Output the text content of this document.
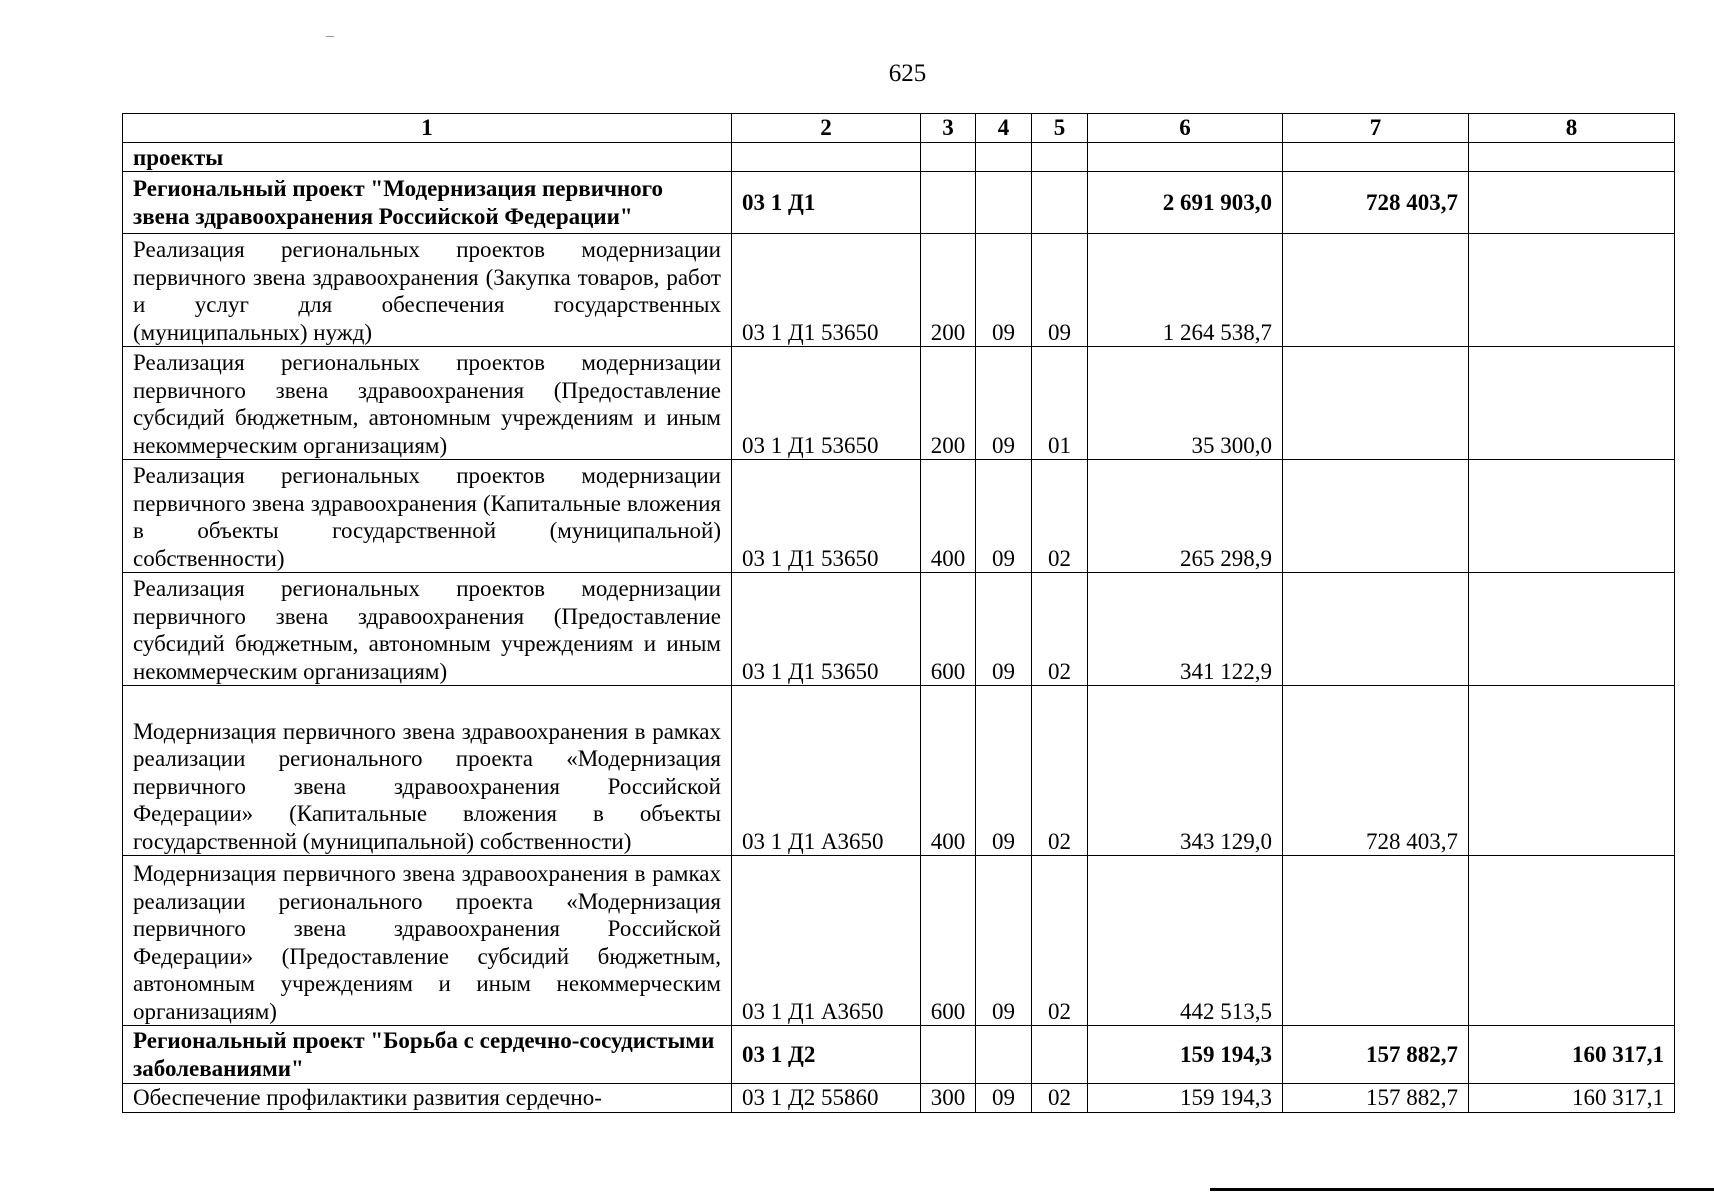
625
1	2	3	4	5	6	7	8
проекты							
Региональный проект "Модернизация первичного звена здравоохранения Российской Федерации"	03 1 Д1				2 691 903,0	728 403,7	
Реализация региональных проектов модернизации первичного звена здравоохранения (Закупка товаров, работ и услуг для обеспечения государственных (муниципальных) нужд)	03 1 Д1 53650	200	09	09	1 264 538,7		
Реализация региональных проектов модернизации первичного звена здравоохранения (Предоставление субсидий бюджетным, автономным учреждениям и иным некоммерческим организациям)	03 1 Д1 53650	200	09	01	35 300,0		
Реализация региональных проектов модернизации первичного звена здравоохранения (Капитальные вложения в объекты государственной (муниципальной) собственности)	03 1 Д1 53650	400	09	02	265 298,9		
Реализация региональных проектов модернизации первичного звена здравоохранения (Предоставление субсидий бюджетным, автономным учреждениям и иным некоммерческим организациям)	03 1 Д1 53650	600	09	02	341 122,9		
Модернизация первичного звена здравоохранения в рамках реализации регионального проекта «Модернизация первичного звена здравоохранения Российской Федерации» (Капитальные вложения в объекты государственной (муниципальной) собственности)	03 1 Д1 А3650	400	09	02	343 129,0	728 403,7	
Модернизация первичного звена здравоохранения в рамках реализации регионального проекта «Модернизация первичного звена здравоохранения Российской Федерации» (Предоставление субсидий бюджетным, автономным учреждениям и иным некоммерческим организациям)	03 1 Д1 А3650	600	09	02	442 513,5		
Региональный проект "Борьба с сердечно-сосудистыми заболеваниями"	03 1 Д2				159 194,3	157 882,7	160 317,1
Обеспечение профилактики развития сердечно-	03 1 Д2 55860	300	09	02	159 194,3	157 882,7	160 317,1
